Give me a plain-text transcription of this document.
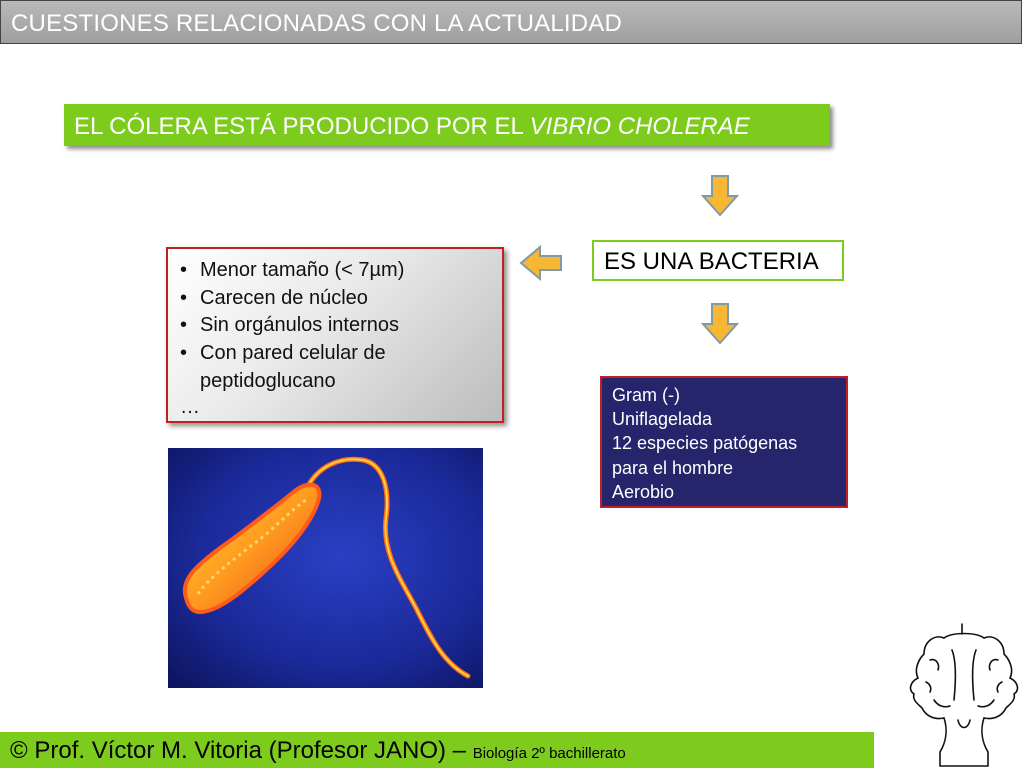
CUESTIONES RELACIONADAS CON LA ACTUALIDAD
EL CÓLERA ESTÁ PRODUCIDO POR EL VIBRIO CHOLERAE
ES UNA BACTERIA
• Menor tamaño (< 7µm)
• Carecen de núcleo
• Sin orgánulos internos
• Con pared celular de
peptidoglucano
…
Gram (-)
Uniflagelada
12 especies patógenas
para el hombre
Aerobio
© Prof. Víctor M. Vitoria (Profesor JANO) – Biología 2º bachillerato
